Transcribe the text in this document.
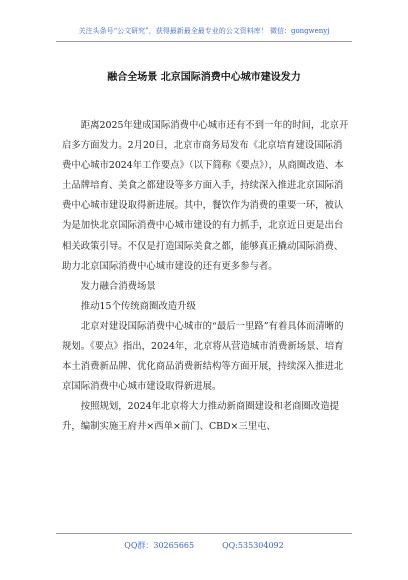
关注头条号“公文研究”，获得最新最全最专业的公文资料库！ 微信：gongwenyj
融合全场景 北京国际消费中心城市建设发力

距离2025年建成国际消费中心城市还有不到一年的时间，北京开启多方面发力。2月20日，北京市商务局发布《北京培育建设国际消费中心城市2024年工作要点》（以下简称《要点》），从商圈改造、本土品牌培育、美食之都建设等多方面入手，持续深入推进北京国际消费中心城市建设取得新进展。其中，餐饮作为消费的重要一环，被认为是加快北京国际消费中心城市建设的有力抓手，北京近日更是出台相关政策引导。不仅是打造国际美食之都，能够真正撬动国际消费、助力北京国际消费中心城市建设的还有更多参与者。

发力融合消费场景

推动15个传统商圈改造升级

北京对建设国际消费中心城市的“最后一里路”有着具体而清晰的规划。《要点》指出，2024年，北京将从营造城市消费新场景、培育本土消费新品牌、优化商品消费新结构等方面开展，持续深入推进北京国际消费中心城市建设取得新进展。

按照规划，2024年北京将大力推动新商圈建设和老商圈改造提升，编制实施王府井×西单×前门、CBD×三里屯、

QQ群：30265665	QQ:535304092
